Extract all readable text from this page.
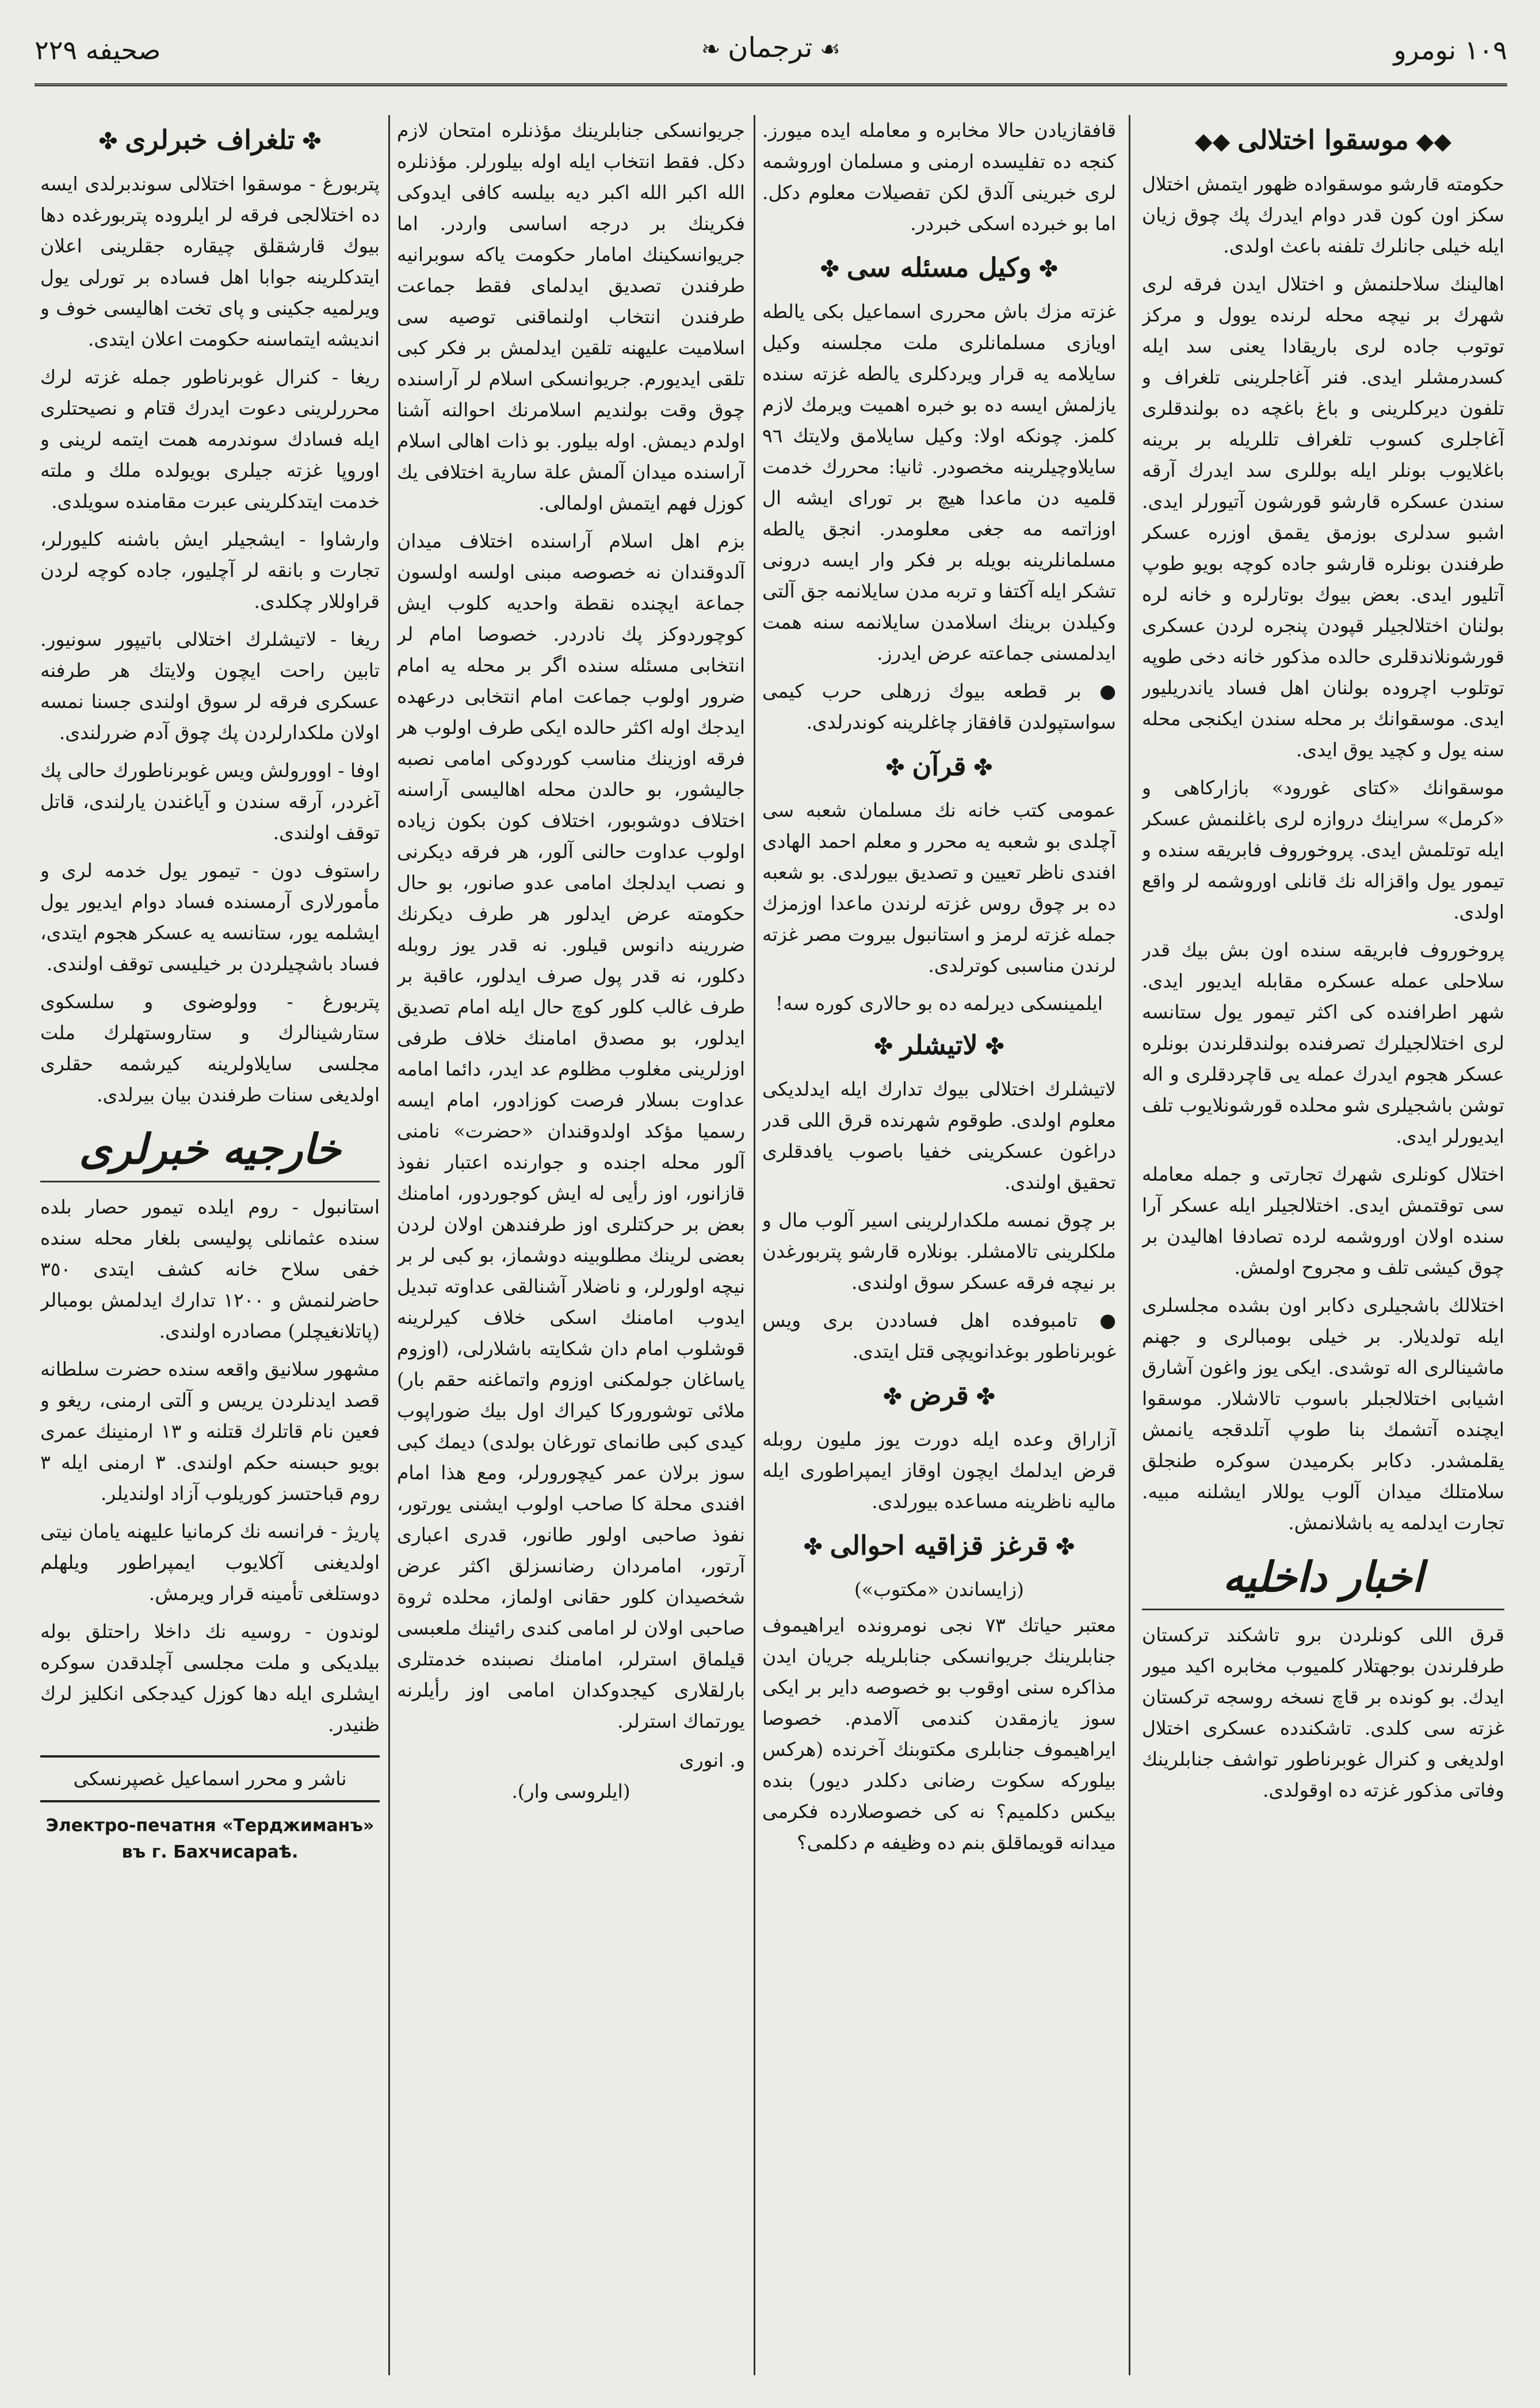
١٠٩ نومرو
❧ ترجمان ☙
صحيفه ٢٢٩
◆◆ موسقوا اختلالى ◆◆

حكومته قارشو موسقواده ظهور ايتمش اختلال سكز اون كون قدر دوام ايدرك پك چوق زيان ايله خيلى جانلرك تلفنه باعث اولدى.

اهالينك سلاحلنمش و اختلال ايدن فرقه لرى شهرك بر نيچه محله لرنده يوول و مركز توتوب جاده لرى باريقادا يعنى سد ايله كسدرمشلر ايدى. فنر آغاجلرينى تلغراف و تلفون ديركلرينى و باغ باغچه ده بولندقلرى آغاجلرى كسوب تلغراف تللريله بر برينه باغلايوب بونلر ايله بوللرى سد ايدرك آرقه سندن عسكره قارشو قورشون آتيورلر ايدى. اشبو سدلرى بوزمق يقمق اوزره عسكر طرفندن بونلره قارشو جاده كوچه بويو طوپ آتليور ايدى. بعض بيوك بوتارلره و خانه لره بولنان اختلالجيلر قپودن پنجره لردن عسكرى قورشونلاندقلرى حالده مذكور خانه دخى طوپه توتلوب اچروده بولنان اهل فساد ياندريليور ايدى. موسقوانك بر محله سندن ايكنجى محله سنه يول و كچيد يوق ايدى.

موسقوانك «كتاى غورود» بازاركاهى و «كرمل» سراينك دروازه لرى باغلنمش عسكر ايله توتلمش ايدى. پروخوروف فابريقه سنده و تيمور يول واقزاله نك قانلى اوروشمه لر واقع اولدى.

پروخوروف فابريقه سنده اون بش بيك قدر سلاحلى عمله عسكره مقابله ايديور ايدى. شهر اطرافنده كى اكثر تيمور يول ستانسه لرى اختلالجيلرك تصرفنده بولندقلرندن بونلره عسكر هجوم ايدرك عمله يى قاچردقلرى و اله توشن باشجيلرى شو محلده قورشونلايوب تلف ايديورلر ايدى.

اختلال كونلرى شهرك تجارتى و جمله معامله سى توقتمش ايدى. اختلالجيلر ايله عسكر آرا سنده اولان اوروشمه لرده تصادفا اهاليدن بر چوق كيشى تلف و مجروح اولمش.

اختلالك باشجيلرى دكابر اون بشده مجلسلرى ايله تولديلار. بر خيلى بومبالرى و جهنم ماشينالرى اله توشدى. ايكى يوز واغون آشارق اشيابى اختلالجبلر باسوب تالاشلار. موسقوا ايچنده آتشمك بنا طوپ آتلدقجه يانمش يقلمشدر. دكابر بكرميدن سوكره طنجلق سلامتلك ميدان آلوب يوللار ايشلنه مبيه. تجارت ايدلمه يه باشلانمش.

اخبار داخليه

قرق اللى كونلردن برو تاشكند تركستان طرفلرندن بوجهتلار كلميوب مخابره اكيد ميور ايدك. بو كونده بر قاچ نسخه روسجه تركستان غزته سى كلدى. تاشكندده عسكرى اختلال اولديغى و كنرال غوبرناطور تواشف جنابلرينك وفاتى مذكور غزته ده اوقولدى.

قافقازيادن حالا مخابره و معامله ايده ميورز. كنجه ده تفليسده ارمنى و مسلمان اوروشمه لرى خبرينى آلدق لكن تفصيلات معلوم دكل. اما بو خبرده اسكى خبردر.

✤ وكيل مسئله سى ✤

غزته مزك باش محررى اسماعيل بكى يالطه اويازى مسلمانلرى ملت مجلسنه وكيل سايلامه يه قرار ويردكلرى يالطه غزته سنده يازلمش ايسه ده بو خبره اهميت ويرمك لازم كلمز. چونكه اولا: وكيل سايلامق ولايتك ٩٦ سايلاوچيلرينه مخصودر. ثانيا: محررك خدمت قلميه دن ماعدا هيچ بر توراى ايشه ال اوزاتمه مه جغى معلومدر. انجق يالطه مسلمانلرينه بويله بر فكر وار ايسه درونى تشكر ايله آكتفا و تربه مدن سايلانمه جق آلتى وكيلدن برينك اسلامدن سايلانمه سنه همت ايدلمسنى جماعته عرض ايدرز.

● بر قطعه بيوك زرهلى حرب كيمى سواستپولدن قافقاز چاغلرينه كوندرلدى.

✤ قرآن ✤

عمومى كتب خانه نك مسلمان شعبه سى آچلدى بو شعبه يه محرر و معلم احمد الهادى افندى ناظر تعيين و تصديق بيورلدى. بو شعبه ده بر چوق روس غزته لرندن ماعدا اوزمزك جمله غزته لرمز و استانبول بيروت مصر غزته لرندن مناسبى كوترلدى.

ايلمينسكى ديرلمه ده بو حالارى كوره سه!

✤ لاتيشلر ✤

لاتيشلرك اختلالى بيوك تدارك ايله ايدلديكى معلوم اولدى. طوقوم شهرنده قرق اللى قدر دراغون عسكرينى خفيا باصوب يافدقلرى تحقيق اولندى.

بر چوق نمسه ملكدارلرينى اسير آلوب مال و ملكلرينى تالامشلر. بونلاره قارشو پتربورغدن بر نيچه فرقه عسكر سوق اولندى.

● تامبوفده اهل فساددن برى ويس غوبرناطور بوغدانويچى قتل ايتدى.

✤ قرض ✤

آزاراق وعده ايله دورت يوز مليون روبله قرض ايدلمك ايچون اوقاز ايمپراطورى ايله ماليه ناظرينه مساعده بيورلدى.

✤ قرغز قزاقيه احوالى ✤

(زايساندن «مكتوب»)

معتبر حياتك ٧٣ نجى نومرونده ايراهيموف جنابلرينك جريوانسكى جنابلريله جريان ايدن مذاكره سنى اوقوب بو خصوصه داير بر ايكى سوز يازمقدن كندمى آلامدم. خصوصا ايراهيموف جنابلرى مكتوبنك آخرنده (هركس بيلوركه سكوت رضانى دكلدر ديور) بنده بيكس دكلميم؟ نه كى خصوصلارده فكرمى ميدانه قويماقلق بنم ده وظيفه م دكلمى؟

جريوانسكى جنابلرينك مؤذنلره امتحان لازم دكل. فقط انتخاب ايله اوله بيلورلر. مؤذنلره الله اكبر الله اكبر ديه بيلسه كافى ايدوكى فكرينك بر درجه اساسى واردر. اما جريوانسكينك امامار حكومت ياكه سوبرانيه طرفندن تصديق ايدلماى فقط جماعت طرفندن انتخاب اولنماقنى توصيه سى اسلاميت عليهنه تلقين ايدلمش بر فكر كبى تلقى ايديورم. جريوانسكى اسلام لر آراسنده چوق وقت بولنديم اسلامرنك احوالنه آشنا اولدم ديمش. اوله بيلور. بو ذات اهالى اسلام آراسنده ميدان آلمش علة سارية اختلافى يك كوزل فهم ايتمش اولمالى.

بزم اهل اسلام آراسنده اختلاف ميدان آلدوقندان نه خصوصه مبنى اولسه اولسون جماعة ايچنده نقطة واحديه كلوب ايش كوچوردوكز پك نادردر. خصوصا امام لر انتخابى مسئله سنده اگر بر محله يه امام ضرور اولوب جماعت امام انتخابى درعهده ايدجك اوله اكثر حالده ايكى طرف اولوب هر فرقه اوزينك مناسب كوردوكى امامى نصبه جاليشور، بو حالدن محله اهاليسى آراسنه اختلاف دوشوبور، اختلاف كون بكون زياده اولوب عداوت حالنى آلور، هر فرقه ديكرنى و نصب ايدلجك امامى عدو صانور، بو حال حكومته عرض ايدلور هر طرف ديكرنك ضررينه دانوس قيلور. نه قدر يوز روبله دكلور، نه قدر پول صرف ايدلور، عاقبة بر طرف غالب كلور كوچ حال ايله امام تصديق ايدلور، بو مصدق امامنك خلاف طرفى اوزلرينى مغلوب مظلوم عد ايدر، دائما امامه عداوت بسلار فرصت كوزادور، امام ايسه رسميا مؤكد اولدوقندان «حضرت» نامنى آلور محله اجنده و جوارنده اعتبار نفوذ قازانور، اوز رأيى له ايش كوجوردور، امامنك بعض بر حركتلرى اوز طرفندهن اولان لردن بعضى لرينك مطلوبينه دوشماز، بو كبى لر بر نيچه اولورلر، و ناضلار آشنالقى عداوته تبديل ايدوب امامنك اسكى خلاف كيرلرينه قوشلوب امام دان شكايته باشلارلى، (اوزوم ياساغان جولمكنى اوزوم واتماغنه حقم بار) ملائى توشوروركا كيراك اول بيك ضوراپوب كيدى كبى طانماى تورغان بولدى) ديمك كبى سوز برلان عمر كيچورورلر، ومع هذا امام افندى محلة كا صاحب اولوب ايشنى يورتور، نفوذ صاحبى اولور طانور، قدرى اعبارى آرتور، امامردان رضانسزلق اكثر عرض شخصيدان كلور حقانى اولماز، محلده ثروة صاحبى اولان لر امامى كندى رائينك ملعبسى قيلماق استرلر، امامنك نصبنده خدمتلرى بارلقلارى كيجدوكدان امامى اوز رأيلرنه يورتماك استرلر.

و. انورى

(ايلروسى وار).

✤ تلغراف خبرلرى ✤

پتربورغ - موسقوا اختلالى سوندبرلدى ايسه ده اختلالجى فرقه لر ايلروده پتربورغده دها بيوك قارشقلق چيقاره جقلرينى اعلان ايتدكلرينه جوابا اهل فساده بر تورلى يول ويرلميه جكينى و پاى تخت اهاليسى خوف و انديشه ايتماسنه حكومت اعلان ايتدى.

ريغا - كنرال غوبرناطور جمله غزته لرك محررلرينى دعوت ايدرك قتام و نصيحتلرى ايله فسادك سوندرمه همت ايتمه لرينى و اوروپا غزته جيلرى بويولده ملك و ملته خدمت ايتدكلرينى عبرت مقامنده سويلدى.

وارشاوا - ايشجيلر ايش باشنه كليورلر، تجارت و بانقه لر آچليور، جاده كوچه لردن قراوللار چكلدى.

ريغا - لاتيشلرك اختلالى باتيپور سونيور. تابين راحت ايچون ولايتك هر طرفنه عسكرى فرقه لر سوق اولندى جسنا نمسه اولان ملكدارلردن پك چوق آدم ضررلندى.

اوفا - اوورولش ويس غوبرناطورك حالى پك آغردر، آرقه سندن و آياغندن يارلندى، قاتل توقف اولندى.

راستوف دون - تيمور يول خدمه لرى و مأمورلارى آرمسنده فساد دوام ايديور يول ايشلمه يور، ستانسه يه عسكر هجوم ايتدى، فساد باشچيلردن بر خيليسى توقف اولندى.

پتربورغ - وولوضوى و سلسكوى ستارشينالرك و ستاروستهلرك ملت مجلسى سايلاولرينه كيرشمه حقلرى اولديغى سنات طرفندن بيان بيرلدى.

خارجيه خبرلرى

استانبول - روم ايلده تيمور حصار بلده سنده عثمانلى پوليسى بلغار محله سنده خفى سلاح خانه كشف ايتدى ٣٥٠ حاضرلنمش و ١٢٠٠ تدارك ايدلمش بومبالر (پاتلانغيچلر) مصادره اولندى.

مشهور سلانيق واقعه سنده حضرت سلطانه قصد ايدنلردن يريس و آلتى ارمنى، ريغو و فعين نام قاتلرك قتلنه و ١٣ ارمنينك عمرى بويو حبسنه حكم اولندى. ٣ ارمنى ايله ٣ روم قباحتسز كوريلوب آزاد اولنديلر.

پاريژ - فرانسه نك كرمانيا عليهنه يامان نيتى اولديغنى آكلايوب ايمپراطور ويلهلم دوستلغى تأمينه قرار ويرمش.

لوندون - روسيه نك داخلا راحتلق بوله بيلديكى و ملت مجلسى آچلدقدن سوكره ايشلرى ايله دها كوزل كيدجكى انكليز لرك ظنيدر.

ناشر و محرر اسماعيل غصپرنسكى
Электро-печатня «Терджиманъ»
въ г. Бахчисараѣ.
